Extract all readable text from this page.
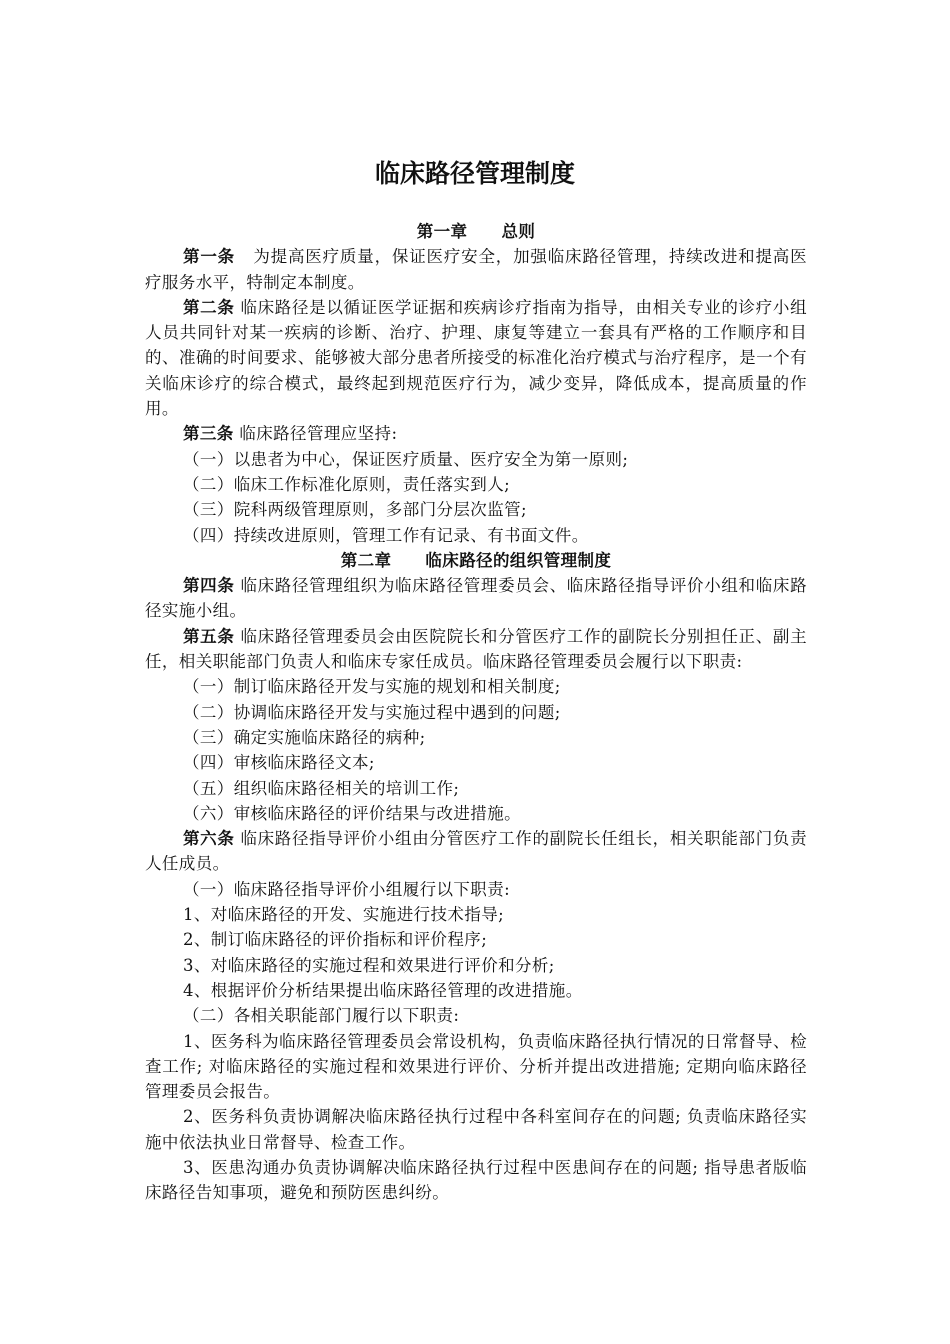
临床路径管理制度

第一章 总则

第一条 为提高医疗质量，保证医疗安全，加强临床路径管理，持续改进和提高医疗服务水平，特制定本制度。

第二条 临床路径是以循证医学证据和疾病诊疗指南为指导，由相关专业的诊疗小组人员共同针对某一疾病的诊断、治疗、护理、康复等建立一套具有严格的工作顺序和目的、准确的时间要求、能够被大部分患者所接受的标准化治疗模式与治疗程序，是一个有关临床诊疗的综合模式，最终起到规范医疗行为，减少变异，降低成本，提高质量的作用。

第三条 临床路径管理应坚持:

（一）以患者为中心，保证医疗质量、医疗安全为第一原则;

（二）临床工作标准化原则，责任落实到人;

（三）院科两级管理原则，多部门分层次监管;

（四）持续改进原则，管理工作有记录、有书面文件。

第二章 临床路径的组织管理制度

第四条 临床路径管理组织为临床路径管理委员会、临床路径指导评价小组和临床路径实施小组。

第五条 临床路径管理委员会由医院院长和分管医疗工作的副院长分别担任正、副主任，相关职能部门负责人和临床专家任成员。临床路径管理委员会履行以下职责:

（一）制订临床路径开发与实施的规划和相关制度;

（二）协调临床路径开发与实施过程中遇到的问题;

（三）确定实施临床路径的病种;

（四）审核临床路径文本;

（五）组织临床路径相关的培训工作;

（六）审核临床路径的评价结果与改进措施。

第六条 临床路径指导评价小组由分管医疗工作的副院长任组长，相关职能部门负责人任成员。

（一）临床路径指导评价小组履行以下职责:

1、对临床路径的开发、实施进行技术指导;

2、制订临床路径的评价指标和评价程序;

3、对临床路径的实施过程和效果进行评价和分析;

4、根据评价分析结果提出临床路径管理的改进措施。

（二）各相关职能部门履行以下职责:

1、医务科为临床路径管理委员会常设机构，负责临床路径执行情况的日常督导、检查工作; 对临床路径的实施过程和效果进行评价、分析并提出改进措施; 定期向临床路径管理委员会报告。

2、医务科负责协调解决临床路径执行过程中各科室间存在的问题; 负责临床路径实施中依法执业日常督导、检查工作。

3、医患沟通办负责协调解决临床路径执行过程中医患间存在的问题; 指导患者版临床路径告知事项，避免和预防医患纠纷。
